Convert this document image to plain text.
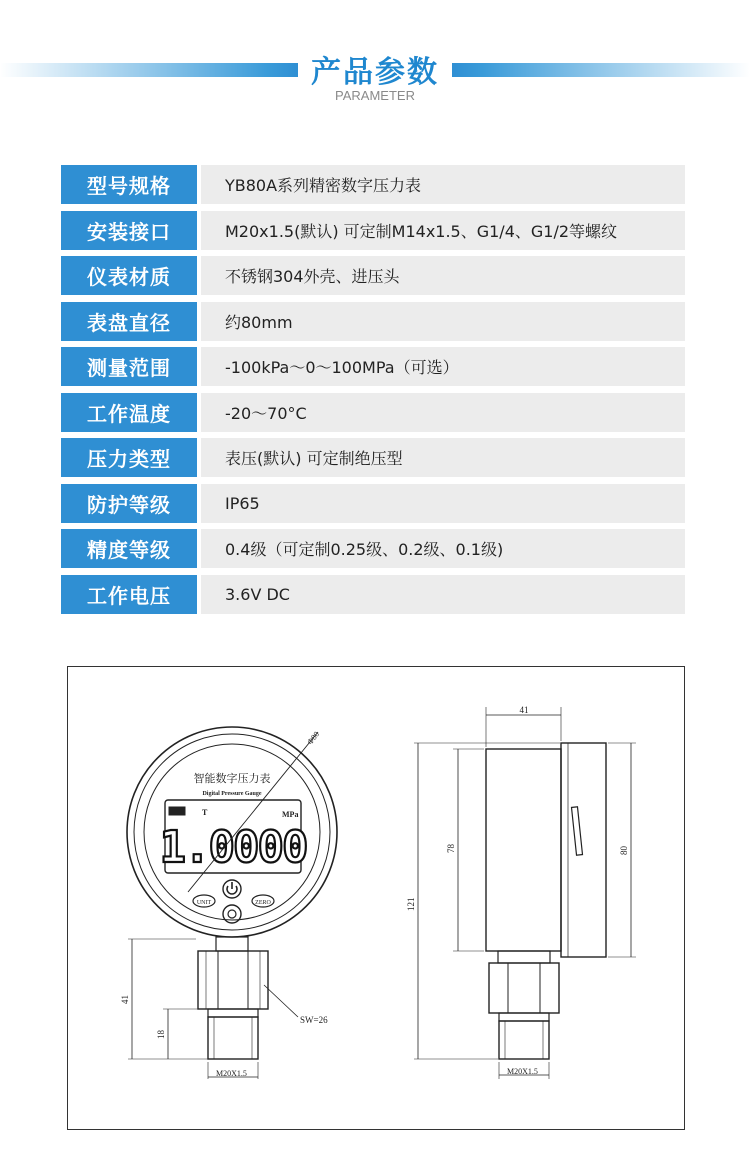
产品参数
PARAMETER
型号规格	YB80A系列精密数字压力表
安装接口	M20x1.5(默认) 可定制M14x1.5、G1/4、G1/2等螺纹
仪表材质	不锈钢304外壳、进压头
表盘直径	约80mm
测量范围	-100kPa～0～100MPa（可选）
工作温度	-20～70°C
压力类型	表压(默认) 可定制绝压型
防护等级	IP65
精度等级	0.4级（可定制0.25级、0.2级、0.1级)
工作电压	3.6V DC
智能数字压力表
Digital Pressure Gauge
T	MPa
1.0000
Φ80
UNIT	ZERO
SW=26
41
18
M20X1.5
41
78	80
121
M20X1.5
